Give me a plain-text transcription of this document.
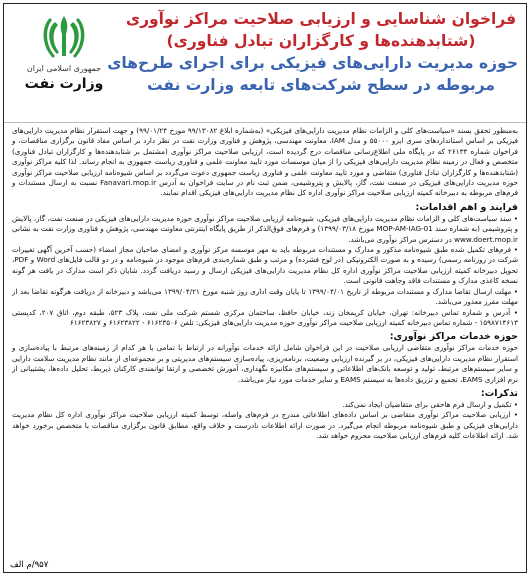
جمهوری اسلامی ایران
وزارت نفت
فراخوان شناسایی و ارزیابی صلاحیت مراکز نوآوری
(شتابدهنده‌ها و کارگزاران تبادل فناوری)
حوزه مدیریت دارایی‌های فیزیکی برای اجرای طرح‌های
مربوطه در سطح شرکت‌های تابعه وزارت نفت

به‌منظور تحقق بسند «سیاست‌های کلی و الزامات نظام مدیریت دارایی‌های فیزیکی» (به‌شماره ابلاغ ۹۹/۱۳۰۸۲ مورخ ۹۹/۰۱/۲۴) و جهت استقرار نظام مدیریت دارایی‌های فیزیکی بر اساس استانداردهای سری ایزو ۵۵۰۰۰ و مدل IAM، معاونت مهندسی، پژوهش و فناوری وزارت نفت در نظر دارد بر اساس مفاد قانون برگزاری مناقصات، و فراخوان شماره ۲۶۱۳۴ که در پایگاه ملی اطلاع‌رسانی مناقصات درج گردیده است، ارزیابی صلاحیت مراکز نوآوری (مشتمل بر شتابدهنده‌ها و کارگزاران تبادل فناوری) متخصص و فعال در زمینه نظام مدیریت دارایی‌های فیزیکی را از میان موسسات مورد تایید معاونت علمی و فناوری ریاست جمهوری به انجام رساند. لذا کلیه مراکز نوآوری (شتابدهنده‌ها و کارگزاران تبادل فناوری) متقاضی و مورد تایید معاونت علمی و فناوری ریاست جمهوری دعوت می‌گردد بر اساس شیوه‌نامه ارزیابی صلاحیت مراکز نوآوری حوزه مدیریت دارایی‌های فیزیکی در صنعت نفت، گاز، پالایش و پتروشیمی، ضمن ثبت نام در سایت فراخوان به آدرس Fanavari.mop.ir نسبت به ارسال مستندات و فرم‌های مربوطه به دبیرخانه کمیته ارزیابی صلاحیت مراکز نوآوری اداره کل نظام مدیریت دارایی‌های فیزیکی اقدام نمایند.

فرایند و اهم اقدامات:

• سند سیاست‌های کلی و الزامات نظام مدیریت دارایی‌های فیزیکی، شیوه‌نامه ارزیابی صلاحیت مراکز نوآوری حوزه مدیریت دارایی‌های فیزیکی در صنعت نفت، گاز، پالایش و پتروشیمی (به شماره سند MOP-AM-IAG-01 مورخ ۱۳۹۹/۰۳/۱۸) و فرم‌های فوق‌الذکر از طریق پایگاه اینترنتی معاونت مهندسی، پژوهش و فناوری وزارت نفت به نشانی www.doert.mop.ir در دسترس مراکز نوآوری می‌باشد.

• فرم‌های تکمیل شده طبق شیوه‌نامه مذکور و مدارک و مستندات مربوطه باید به مهر موسسه مرکز نوآوری و امضای صاحبان مجاز امضاء (حسب آخرین آگهی تغییرات شرکت در روزنامه رسمی) رسیده و به صورت الکترونیکی (در لوح فشرده) و مرتب و طبق شماره‌بندی فرم‌های موجود در شیوه‌نامه و در دو قالب فایل‌های Word و PDF، تحویل دبیرخانه کمیته ارزیابی صلاحیت مراکز نوآوری اداره کل نظام مدیریت دارایی‌های فیزیکی ارسال و رسید دریافت گردد. شایان ذکر است مدارک در یافت هر گونه نسخه کاغذی مدارک و مستندات فاقد وجاهت قانونی است.

• مهلت ارسال تقاضا مدارک و مستندات مربوطه از تاریخ ۱۳۹۹/۰۴/۰۱ تا پایان وقت اداری روز شنبه مورخ ۱۳۹۹/۰۴/۲۱ می‌باشد و دبیرخانه از دریافت هرگونه تقاضا بعد از مهلت مقرر معذور می‌باشد.

• آدرس و شماره تماس دبیرخانه: تهران، خیابان کریمخان زند، خیابان حافظ، ساختمان مرکزی شستم شرکت ملی نفت، پلاک ۵۲۳، طبقه دوم، اتاق ۲۰۷، کدپستی ۱۵۹۸۷۱۴۶۱۳ - شماره تماس دبیرخانه کمیته ارزیابی صلاحیت مراکز نوآوری حوزه مدیریت دارایی‌های فیزیکی: تلفن ۶۱۶۲۳۵۰۶ - ۶۱۶۲۳۸۲۲ و ۶۱۶۲۳۸۲۷

حوزه خدمات مراکز نوآوری:

حوزه خدمات مراکز نوآوری متقاضی ارزیابی صلاحیت در این فراخوان شامل ارائه خدمات نوآورانه در ارتباط با تمامی یا هر کدام از زمینه‌های مرتبط با پیاده‌سازی و استقرار نظام مدیریت دارایی‌های فیزیکی، در بر گیرنده ارزیابی وضعیت، برنامه‌ریزی، پیاده‌سازی سیستم‌های مدیریتی و بر مجموعه‌ای از مانند نظام مدیریت سلامت دارایی و سایر سیستم‌های مرتبط، تولید و توسعه بانک‌های اطلاعاتی و سیستم‌های مکانیزه نگهداری، آموزش تخصصی و ارتقا توانمندی کارکنان ذیربط، تحلیل داده‌ها، پشتیبانی از نرم افزاری EAMS، تجمیع و تزریق داده‌ها به سیستم EAMS و سایر خدمات مورد نیاز می‌باشد.

تذکرات:

• تکمیل و ارسال فرم هاحقی برای متقاضیان ایجاد نمی‌کند.

• ارزیابی صلاحیت مراکز نوآوری متقاضی بر اساس داده‌های اطلاعاتی مندرج در فرم‌های واصله، توسط کمیته ارزیابی صلاحیت مراکز نوآوری اداره کل نظام مدیریت دارایی‌های فیزیکی و طبق شیوه‌نامه مربوطه انجام می‌گیرد. در صورت ارائه اطلاعات نادرست و خلاف واقع، مطابق قانون برگزاری مناقصات با متخصص برخورد خواهد شد. ارائه اطلاعات کلیه فرم‌های ارزیابی صلاحیت محروم خواهد شد.

۹۵۷/م الف
